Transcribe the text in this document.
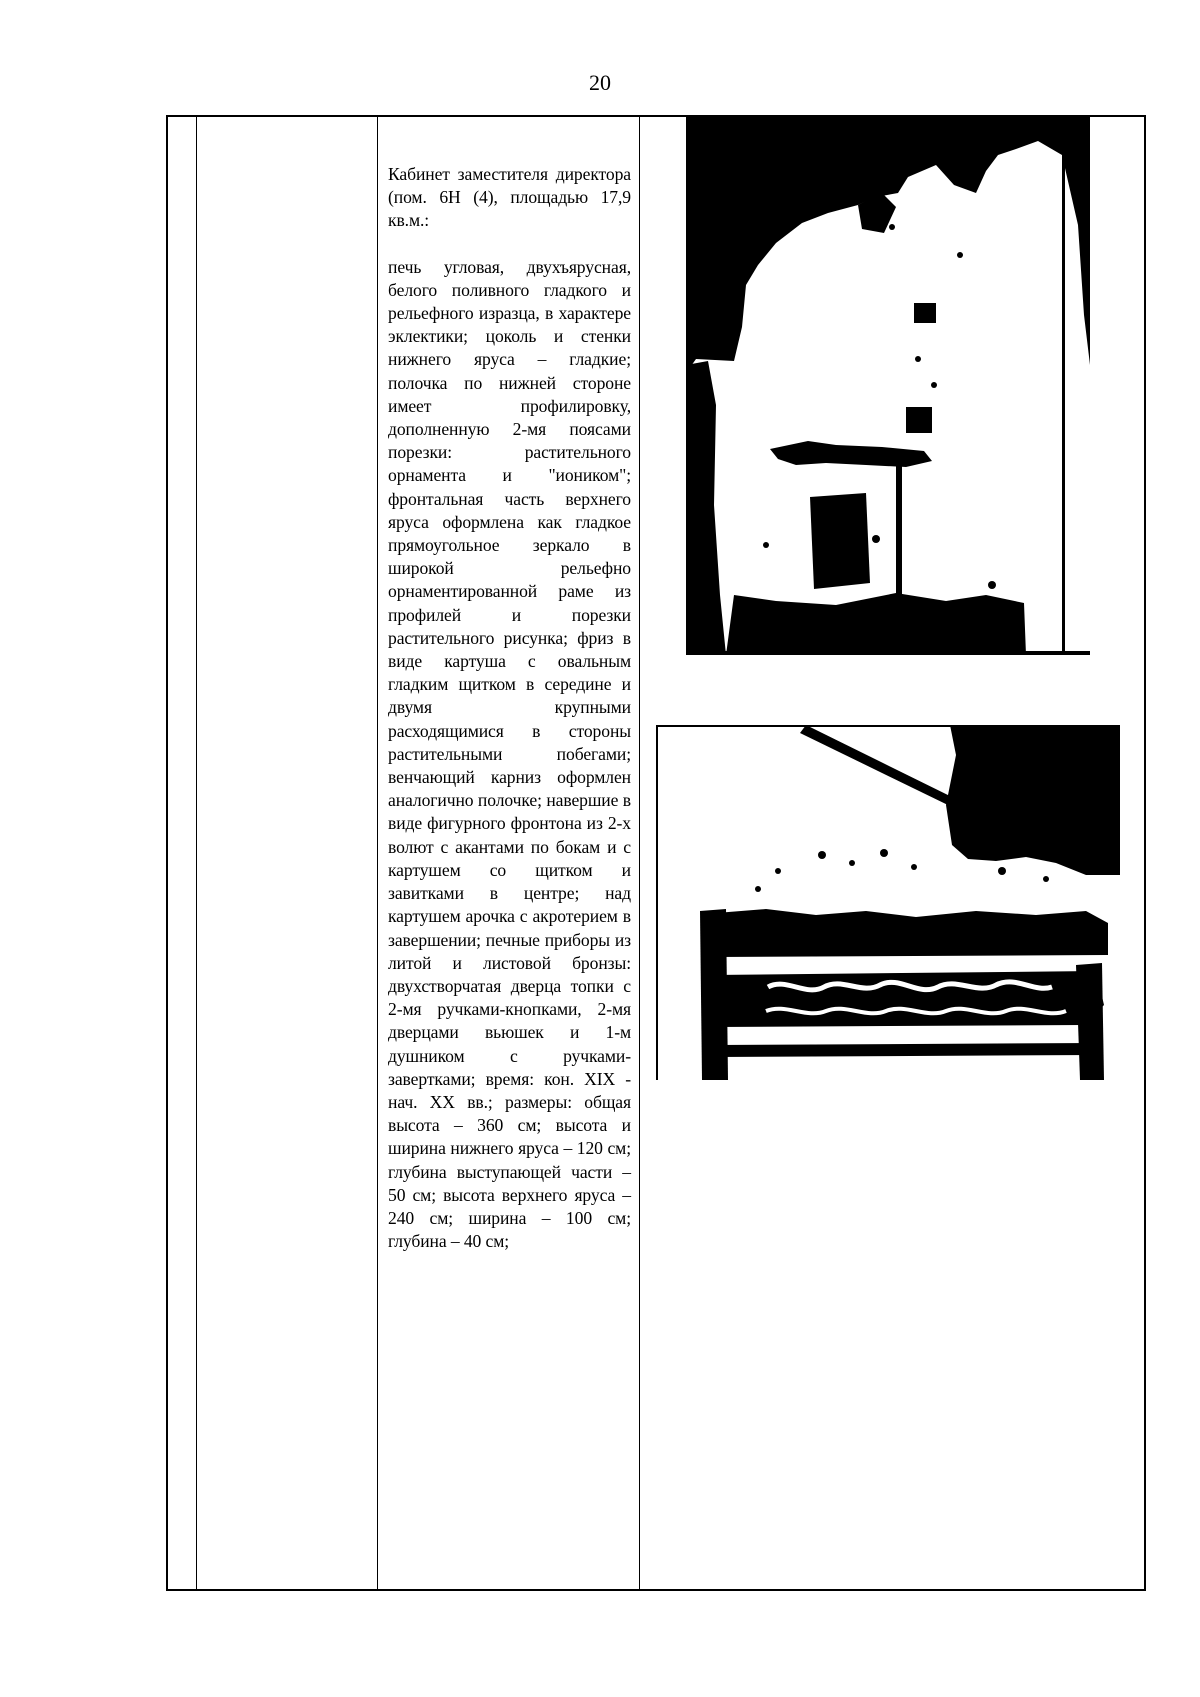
20

Кабинет заместителя директора (пом. 6Н (4), площадью 17,9 кв.м.:

печь угловая, двухъярусная, белого поливного гладкого и рельефного изразца, в характере эклектики; цоколь и стенки нижнего яруса – гладкие; полочка по нижней стороне имеет профилировку, дополненную 2-мя поясами порезки: растительного орнамента и "иоником"; фронтальная часть верхнего яруса оформлена как гладкое прямоугольное зеркало в широкой рельефно орнаментированной раме из профилей и порезки растительного рисунка; фриз в виде картуша с овальным гладким щитком в середине и двумя крупными расходящимися в стороны растительными побегами; венчающий карниз оформлен аналогично полочке; навершие в виде фигурного фронтона из 2-х волют с акантами по бокам и с картушем со щитком и завитками в центре; над картушем арочка с акротерием в завершении; печные приборы из литой и листовой бронзы: двухстворчатая дверца топки с 2-мя ручками-кнопками, 2-мя дверцами вьюшек и 1-м душником с ручками-завертками; время: кон. XIX - нач. XX вв.; размеры: общая высота – 360 см; высота и ширина нижнего яруса – 120 см; глубина выступающей части – 50 см; высота верхнего яруса – 240 см; ширина – 100 см; глубина – 40 см;
